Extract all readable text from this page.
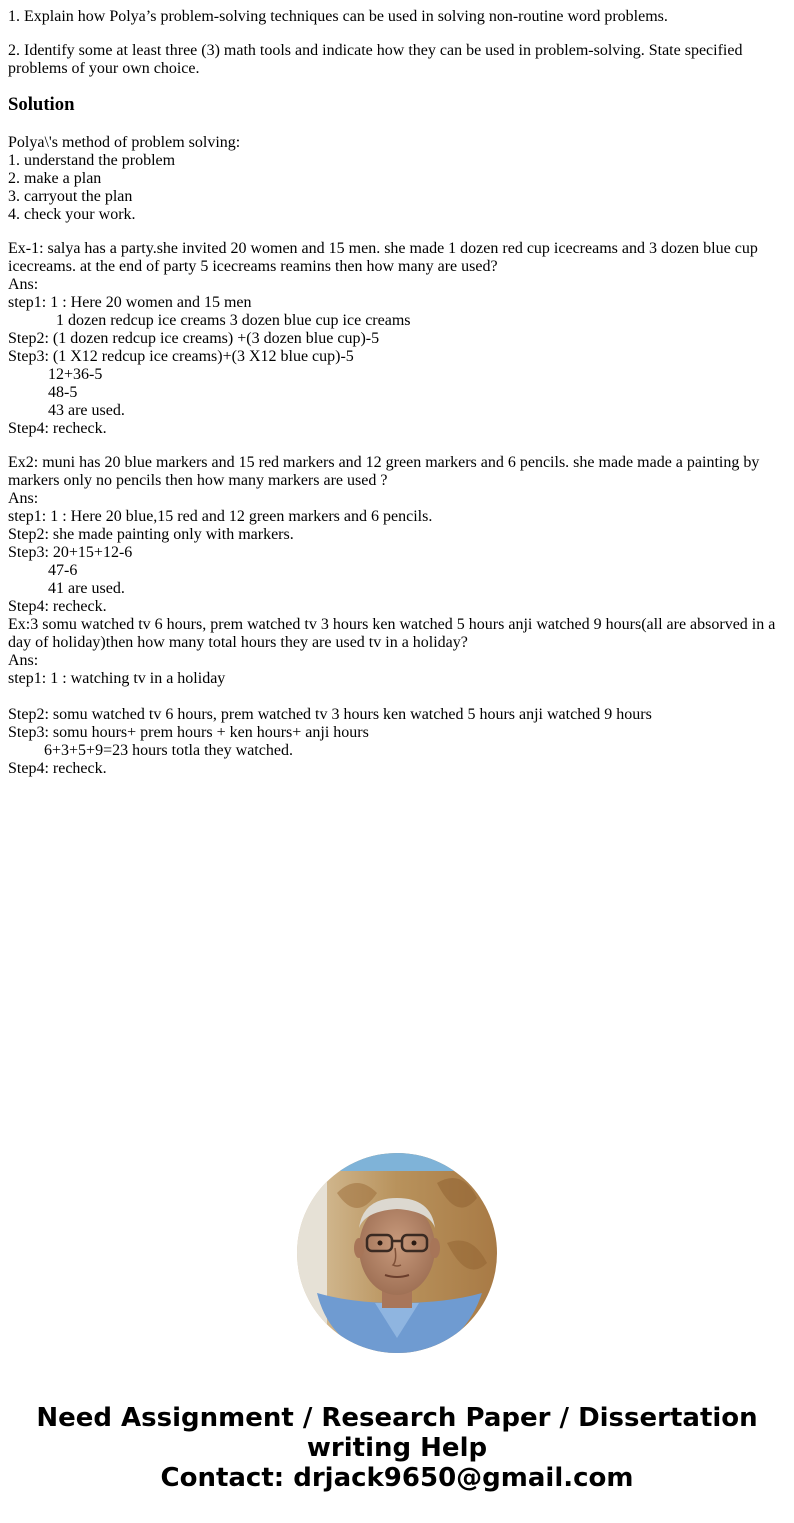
1. Explain how Polya’s problem-solving techniques can be used in solving non-routine word problems.

2. Identify some at least three (3) math tools and indicate how they can be used in problem-solving. State specified problems of your own choice.

Solution
Polya\'s method of problem solving:
1. understand the problem
2. make a plan
3. carryout the plan
4. check your work.
Ex-1: salya has a party.she invited 20 women and 15 men. she made 1 dozen red cup icecreams and 3 dozen blue cup icecreams. at the end of party 5 icecreams reamins then how many are used?
Ans:
step1: 1 : Here 20 women and 15 men
1 dozen redcup ice creams 3 dozen blue cup ice creams
Step2: (1 dozen redcup ice creams) +(3 dozen blue cup)-5
Step3: (1 X12 redcup ice creams)+(3 X12 blue cup)-5
12+36-5
48-5
43 are used.
Step4: recheck.
Ex2: muni has 20 blue markers and 15 red markers and 12 green markers and 6 pencils. she made made a painting by markers only no pencils then how many markers are used ?
Ans:
step1: 1 : Here 20 blue,15 red and 12 green markers and 6 pencils.
Step2: she made painting only with markers.
Step3: 20+15+12-6
47-6
41 are used.
Step4: recheck.
Ex:3 somu watched tv 6 hours, prem watched tv 3 hours ken watched 5 hours anji watched 9 hours(all are absorved in a day of holiday)then how many total hours they are used tv in a holiday?
Ans:
step1: 1 : watching tv in a holiday
Step2: somu watched tv 6 hours, prem watched tv 3 hours ken watched 5 hours anji watched 9 hours
Step3: somu hours+ prem hours + ken hours+ anji hours
6+3+5+9=23 hours totla they watched.
Step4: recheck.
Need Assignment / Research Paper / Dissertation writing Help
Contact: drjack9650@gmail.com
